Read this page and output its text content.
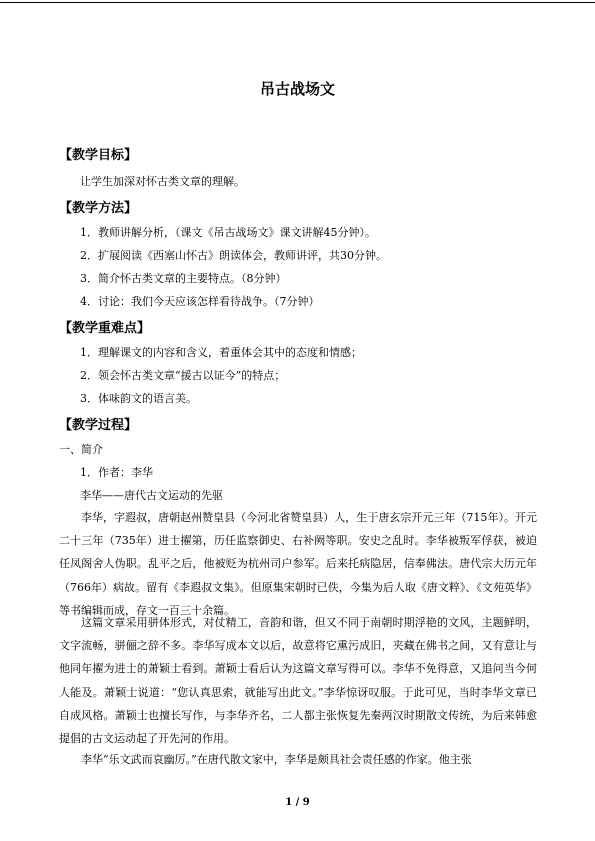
吊古战场文
【教学目标】
让学生加深对怀古类文章的理解。
【教学方法】
1．教师讲解分析，（课文《吊古战场文》课文讲解45分钟）。
2．扩展阅读《西塞山怀古》朗读体会，教师讲评，共30分钟。
3．简介怀古类文章的主要特点。（8分钟）
4．讨论：我们今天应该怎样看待战争。（7分钟）
【教学重难点】
1．理解课文的内容和含义，着重体会其中的态度和情感；
2．领会怀古类文章“援古以证今”的特点；
3．体味韵文的语言美。
【教学过程】
一、简介
1．作者：李华
李华——唐代古文运动的先驱

李华，字遐叔，唐朝赵州赞皇县（今河北省赞皇县）人，生于唐玄宗开元三年（715年）。开元二十三年（735年）进士擢第，历任监察御史、右补阙等职。安史之乱时。李华被叛军俘获，被迫任凤阁舍人伪职。乱平之后，他被贬为杭州司户参军。后来托病隐居，信奉佛法。唐代宗大历元年（766年）病故。留有《李遐叔文集》。但原集宋朝时已佚，今集为后人取《唐文粹》、《文苑英华》等书编辑而成，存文一百三十余篇。

这篇文章采用骈体形式，对仗精工，音韵和谐，但又不同于南朝时期浮艳的文风，主题鲜明，文字流畅，骈俪之辞不多。李华写成本文以后，故意将它熏污成旧，夹藏在佛书之间，又有意让与他同年擢为进士的萧颖士看到。萧颖士看后认为这篇文章写得可以。李华不免得意，又追问当今何人能及。萧颖士说道：“您认真思索，就能写出此文。”李华惊讶叹服。于此可见，当时李华文章已自成风格。萧颖士也擅长写作，与李华齐名，二人都主张恢复先秦两汉时期散文传统，为后来韩愈提倡的古文运动起了开先河的作用。

李华“乐文武而哀幽厉。”在唐代散文家中，李华是颇具社会责任感的作家。他主张

1 / 9
